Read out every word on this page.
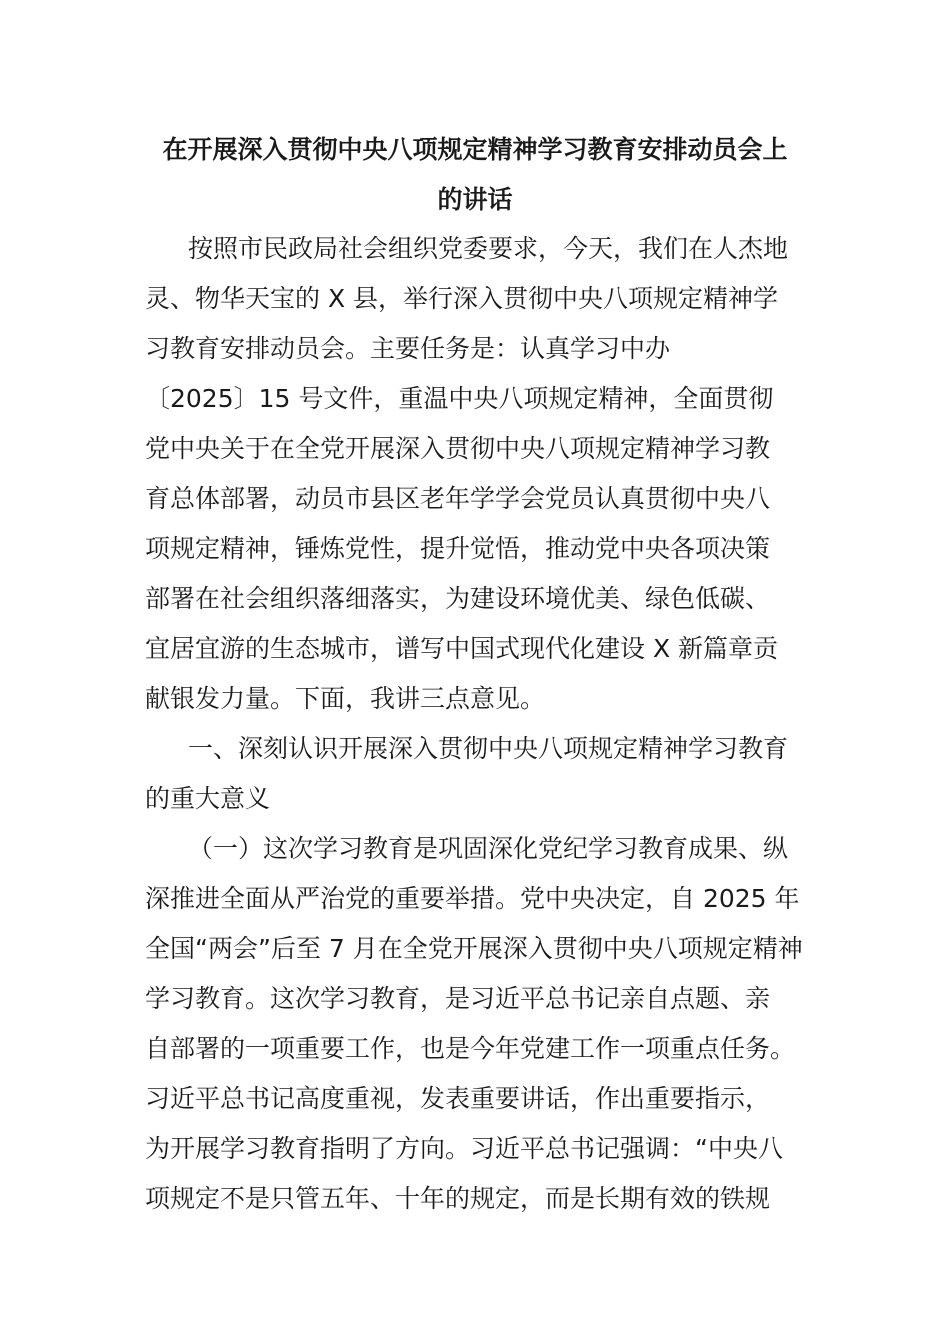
在开展深入贯彻中央八项规定精神学习教育安排动员会上
的讲话

按照市民政局社会组织党委要求，今天，我们在人杰地

灵、物华天宝的 X 县，举行深入贯彻中央八项规定精神学

习教育安排动员会。主要任务是：认真学习中办

〔2025〕15 号文件，重温中央八项规定精神，全面贯彻

党中央关于在全党开展深入贯彻中央八项规定精神学习教

育总体部署，动员市县区老年学学会党员认真贯彻中央八

项规定精神，锤炼党性，提升觉悟，推动党中央各项决策

部署在社会组织落细落实，为建设环境优美、绿色低碳、

宜居宜游的生态城市，谱写中国式现代化建设 X 新篇章贡

献银发力量。下面，我讲三点意见。

一、深刻认识开展深入贯彻中央八项规定精神学习教育

的重大意义

（一）这次学习教育是巩固深化党纪学习教育成果、纵

深推进全面从严治党的重要举措。党中央决定，自 2025 年

全国“两会”后至 7 月在全党开展深入贯彻中央八项规定精神

学习教育。这次学习教育，是习近平总书记亲自点题、亲

自部署的一项重要工作，也是今年党建工作一项重点任务。

习近平总书记高度重视，发表重要讲话，作出重要指示，

为开展学习教育指明了方向。习近平总书记强调：“中央八

项规定不是只管五年、十年的规定，而是长期有效的铁规
